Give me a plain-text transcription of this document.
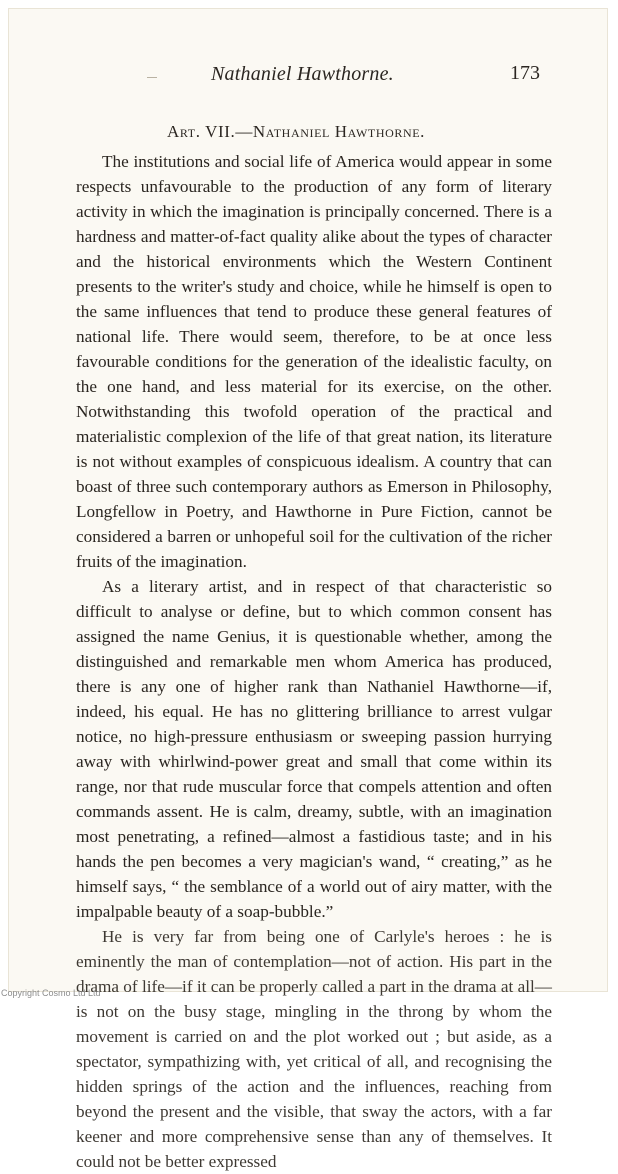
Nathaniel Hawthorne.	173
Art. VII.—Nathaniel Hawthorne.

The institutions and social life of America would appear in some respects unfavourable to the production of any form of literary activity in which the imagination is principally concerned. There is a hardness and matter-of-fact quality alike about the types of character and the historical environments which the Western Continent presents to the writer's study and choice, while he himself is open to the same influences that tend to produce these general features of national life. There would seem, therefore, to be at once less favourable conditions for the generation of the idealistic faculty, on the one hand, and less material for its exercise, on the other. Notwithstanding this twofold operation of the practical and materialistic complexion of the life of that great nation, its literature is not without examples of conspicuous idealism. A country that can boast of three such contemporary authors as Emerson in Philosophy, Longfellow in Poetry, and Hawthorne in Pure Fiction, cannot be considered a barren or unhopeful soil for the cultivation of the richer fruits of the imagination.

As a literary artist, and in respect of that characteristic so difficult to analyse or define, but to which common consent has assigned the name Genius, it is questionable whether, among the distinguished and remarkable men whom America has produced, there is any one of higher rank than Nathaniel Hawthorne—if, indeed, his equal. He has no glittering brilliance to arrest vulgar notice, no high-pressure enthusiasm or sweeping passion hurrying away with whirlwind-power great and small that come within its range, nor that rude muscular force that compels attention and often commands assent. He is calm, dreamy, subtle, with an imagination most penetrating, a refined—almost a fastidious taste; and in his hands the pen becomes a very magician's wand, “ creating,” as he himself says, “ the semblance of a world out of airy matter, with the impalpable beauty of a soap-bubble.”

He is very far from being one of Carlyle's heroes : he is eminently the man of contemplation—not of action. His part in the drama of life—if it can be properly called a part in the drama at all—is not on the busy stage, mingling in the throng by whom the movement is carried on and the plot worked out ; but aside, as a spectator, sympathizing with, yet critical of all, and recognising the hidden springs of the action and the influences, reaching from beyond the present and the visible, that sway the actors, with a far keener and more comprehensive sense than any of themselves. It could not be better expressed

Copyright Cosmo Ltd Ltd
